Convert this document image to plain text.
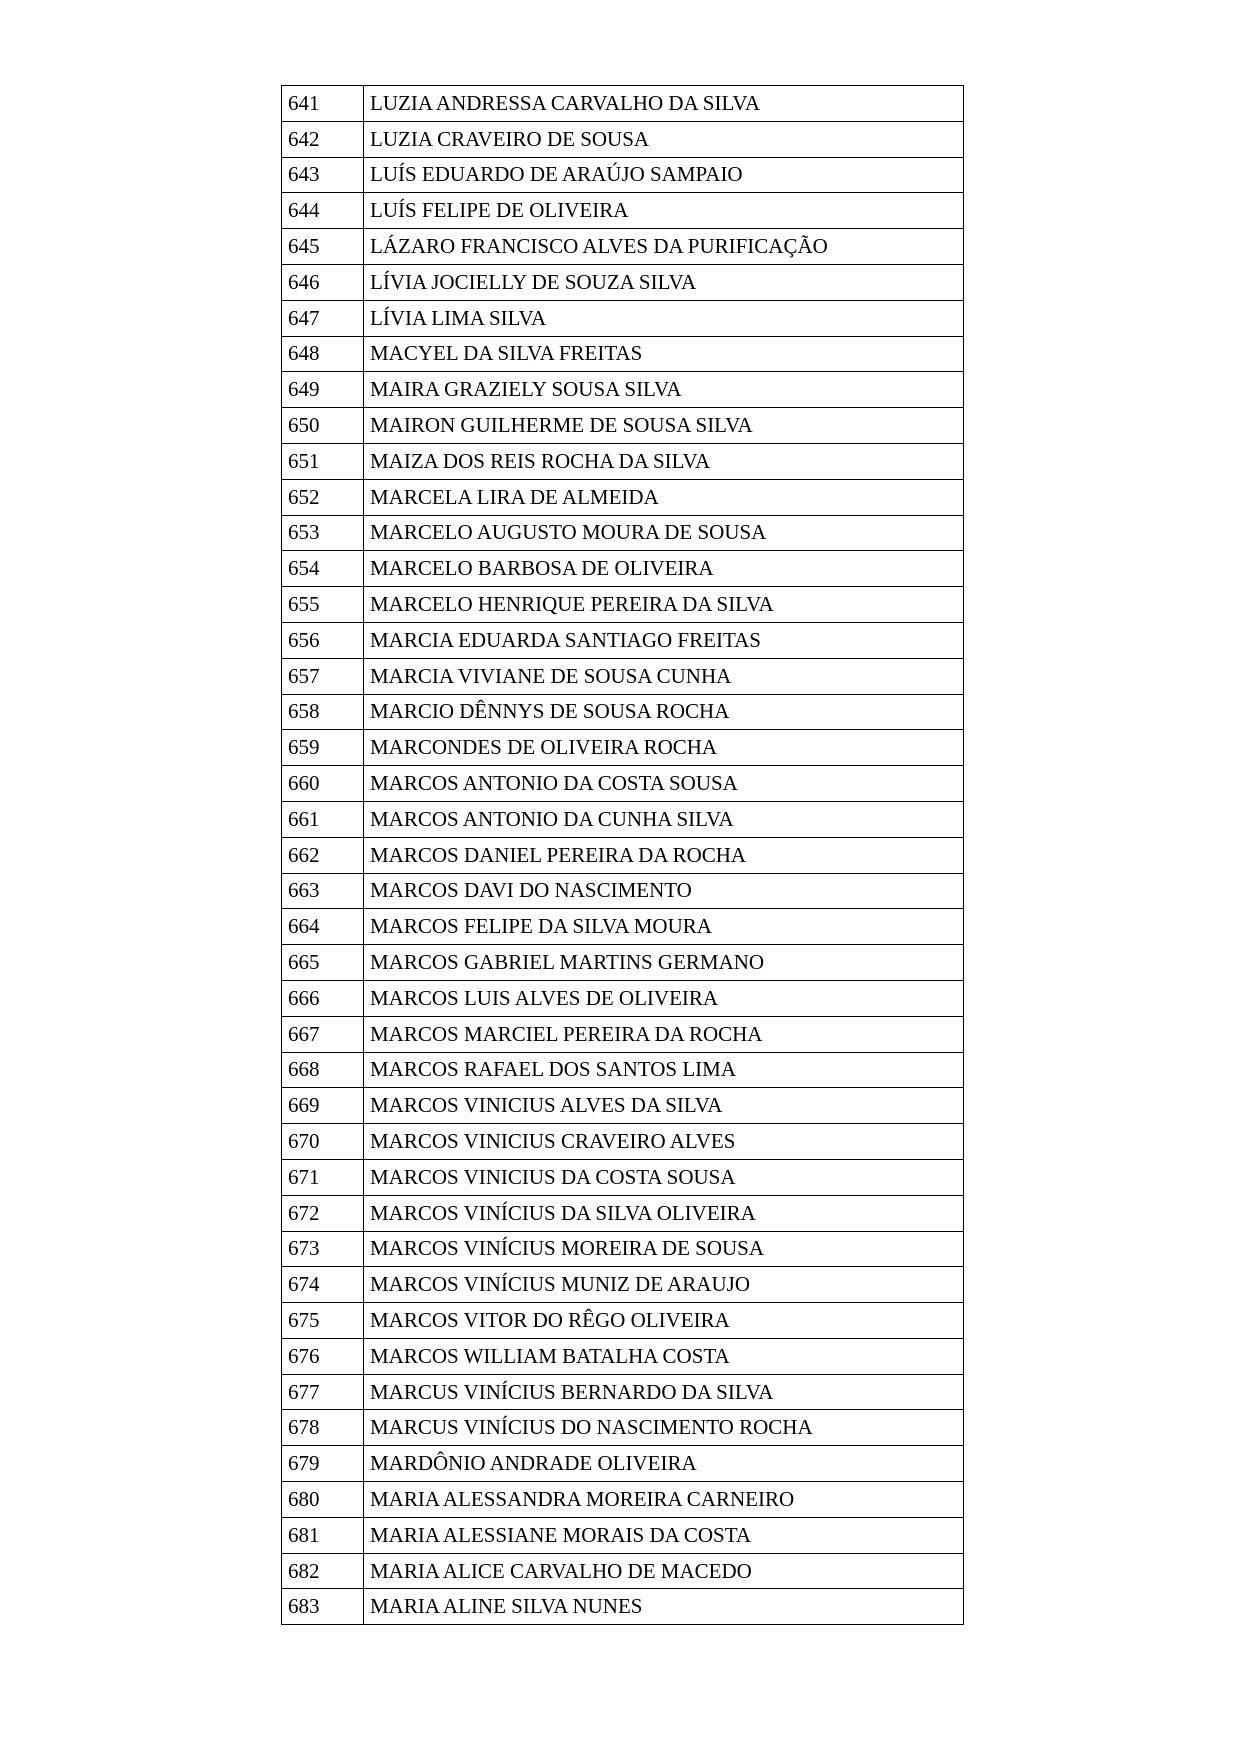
641	LUZIA ANDRESSA CARVALHO DA SILVA
642	LUZIA CRAVEIRO DE SOUSA
643	LUÍS EDUARDO DE ARAÚJO SAMPAIO
644	LUÍS FELIPE DE OLIVEIRA
645	LÁZARO FRANCISCO ALVES DA PURIFICAÇÃO
646	LÍVIA JOCIELLY DE SOUZA SILVA
647	LÍVIA LIMA SILVA
648	MACYEL DA SILVA FREITAS
649	MAIRA GRAZIELY SOUSA SILVA
650	MAIRON GUILHERME DE SOUSA SILVA
651	MAIZA DOS REIS ROCHA DA SILVA
652	MARCELA LIRA DE ALMEIDA
653	MARCELO AUGUSTO MOURA DE SOUSA
654	MARCELO BARBOSA DE OLIVEIRA
655	MARCELO HENRIQUE PEREIRA DA SILVA
656	MARCIA EDUARDA SANTIAGO FREITAS
657	MARCIA VIVIANE DE SOUSA CUNHA
658	MARCIO DÊNNYS DE SOUSA ROCHA
659	MARCONDES DE OLIVEIRA ROCHA
660	MARCOS ANTONIO DA COSTA SOUSA
661	MARCOS ANTONIO DA CUNHA SILVA
662	MARCOS DANIEL PEREIRA DA ROCHA
663	MARCOS DAVI DO NASCIMENTO
664	MARCOS FELIPE DA SILVA MOURA
665	MARCOS GABRIEL MARTINS GERMANO
666	MARCOS LUIS ALVES DE OLIVEIRA
667	MARCOS MARCIEL PEREIRA DA ROCHA
668	MARCOS RAFAEL DOS SANTOS LIMA
669	MARCOS VINICIUS ALVES DA SILVA
670	MARCOS VINICIUS CRAVEIRO ALVES
671	MARCOS VINICIUS DA COSTA SOUSA
672	MARCOS VINÍCIUS DA SILVA OLIVEIRA
673	MARCOS VINÍCIUS MOREIRA DE SOUSA
674	MARCOS VINÍCIUS MUNIZ DE ARAUJO
675	MARCOS VITOR DO RÊGO OLIVEIRA
676	MARCOS WILLIAM BATALHA COSTA
677	MARCUS VINÍCIUS BERNARDO DA SILVA
678	MARCUS VINÍCIUS DO NASCIMENTO ROCHA
679	MARDÔNIO ANDRADE OLIVEIRA
680	MARIA ALESSANDRA MOREIRA CARNEIRO
681	MARIA ALESSIANE MORAIS DA COSTA
682	MARIA ALICE CARVALHO DE MACEDO
683	MARIA ALINE SILVA NUNES
